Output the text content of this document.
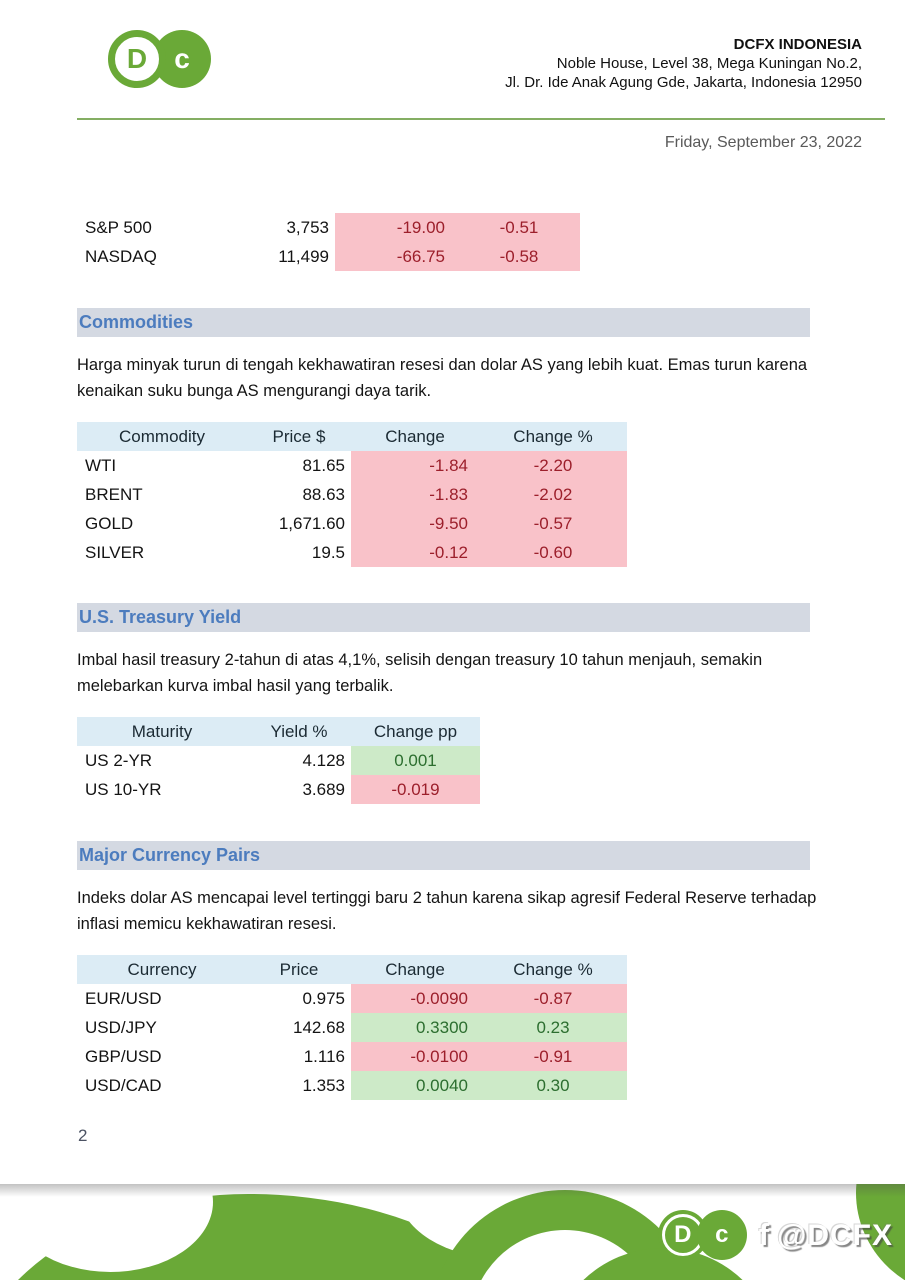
D c	DCFX INDONESIA
Noble House, Level 38, Mega Kuningan No.2,
Jl. Dr. Ide Anak Agung Gde, Jakarta, Indonesia 12950
Friday, September 23, 2022
S&P 500	3,753	-19.00	-0.51
NASDAQ	11,499	-66.75	-0.58
Commodities

Harga minyak turun di tengah kekhawatiran resesi dan dolar AS yang lebih kuat. Emas turun karena kenaikan suku bunga AS mengurangi daya tarik.

Commodity	Price $	Change	Change %
WTI	81.65	-1.84	-2.20
BRENT	88.63	-1.83	-2.02
GOLD	1,671.60	-9.50	-0.57
SILVER	19.5	-0.12	-0.60
U.S. Treasury Yield

Imbal hasil treasury 2-tahun di atas 4,1%, selisih dengan treasury 10 tahun menjauh, semakin melebarkan kurva imbal hasil yang terbalik.

Maturity	Yield %	Change pp
US 2-YR	4.128	0.001
US 10-YR	3.689	-0.019
Major Currency Pairs

Indeks dolar AS mencapai level tertinggi baru 2 tahun karena sikap agresif Federal Reserve terhadap inflasi memicu kekhawatiran resesi.

Currency	Price	Change	Change %
EUR/USD	0.975	-0.0090	-0.87
USD/JPY	142.68	0.3300	0.23
GBP/USD	1.116	-0.0100	-0.91
USD/CAD	1.353	0.0040	0.30
2
D c f @DCFX
